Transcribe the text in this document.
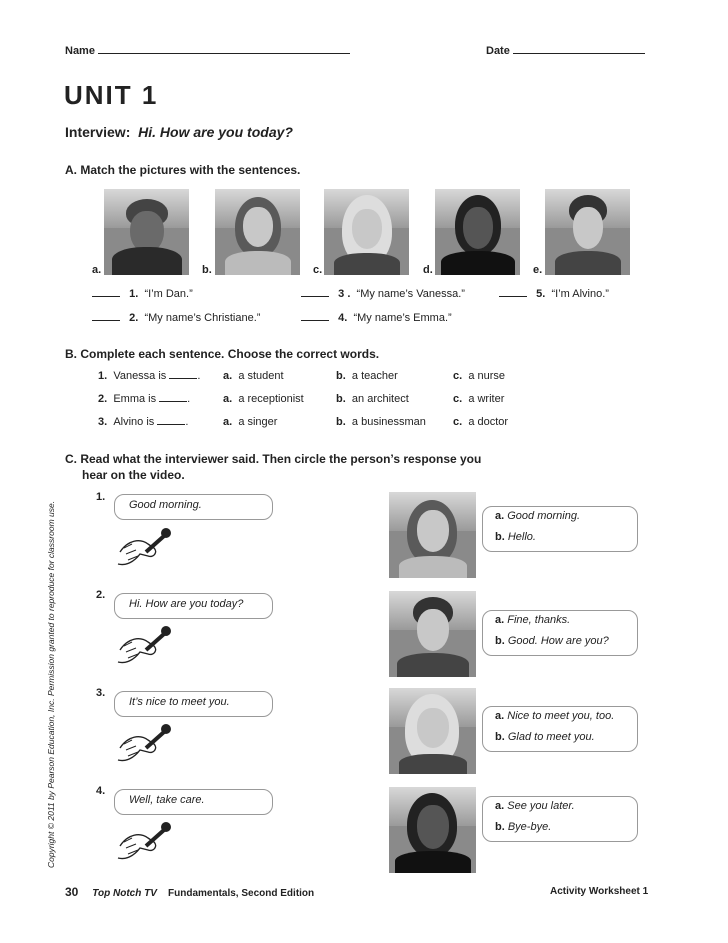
Name	Date
UNIT 1
Interview: Hi. How are you today?
A. Match the pictures with the sentences.
a.	b.	c.	d.	e.
1. “I’m Dan.”
2. “My name’s Christiane.”
3 . “My name’s Vanessa.”
4. “My name’s Emma.”
5. “I’m Alvino.”
B. Complete each sentence. Choose the correct words.
1. Vanessa is	. a. a student	b. a teacher	c. a nurse
2. Emma is	.	a. a receptionist	b. an architect	c. a writer
3. Alvino is	.	a. a singer	b. a businessman c. a doctor
C. Read what the interviewer said. Then circle the person’s response you
hear on the video.
Copyright © 2011 by Pearson Education, Inc. Permission granted to reproduce for classroom use.
1.
Good morning.
a. Good morning.
b. Hello.
2.
Hi. How are you today?
a. Fine, thanks.
b. Good. How are you?
3.
It’s nice to meet you.
a. Nice to meet you, too.
b. Glad to meet you.
4.
Well, take care.	a. See you later.
b. Bye-bye.
30 Top Notch TV Fundamentals, Second Edition	Activity Worksheet 1
